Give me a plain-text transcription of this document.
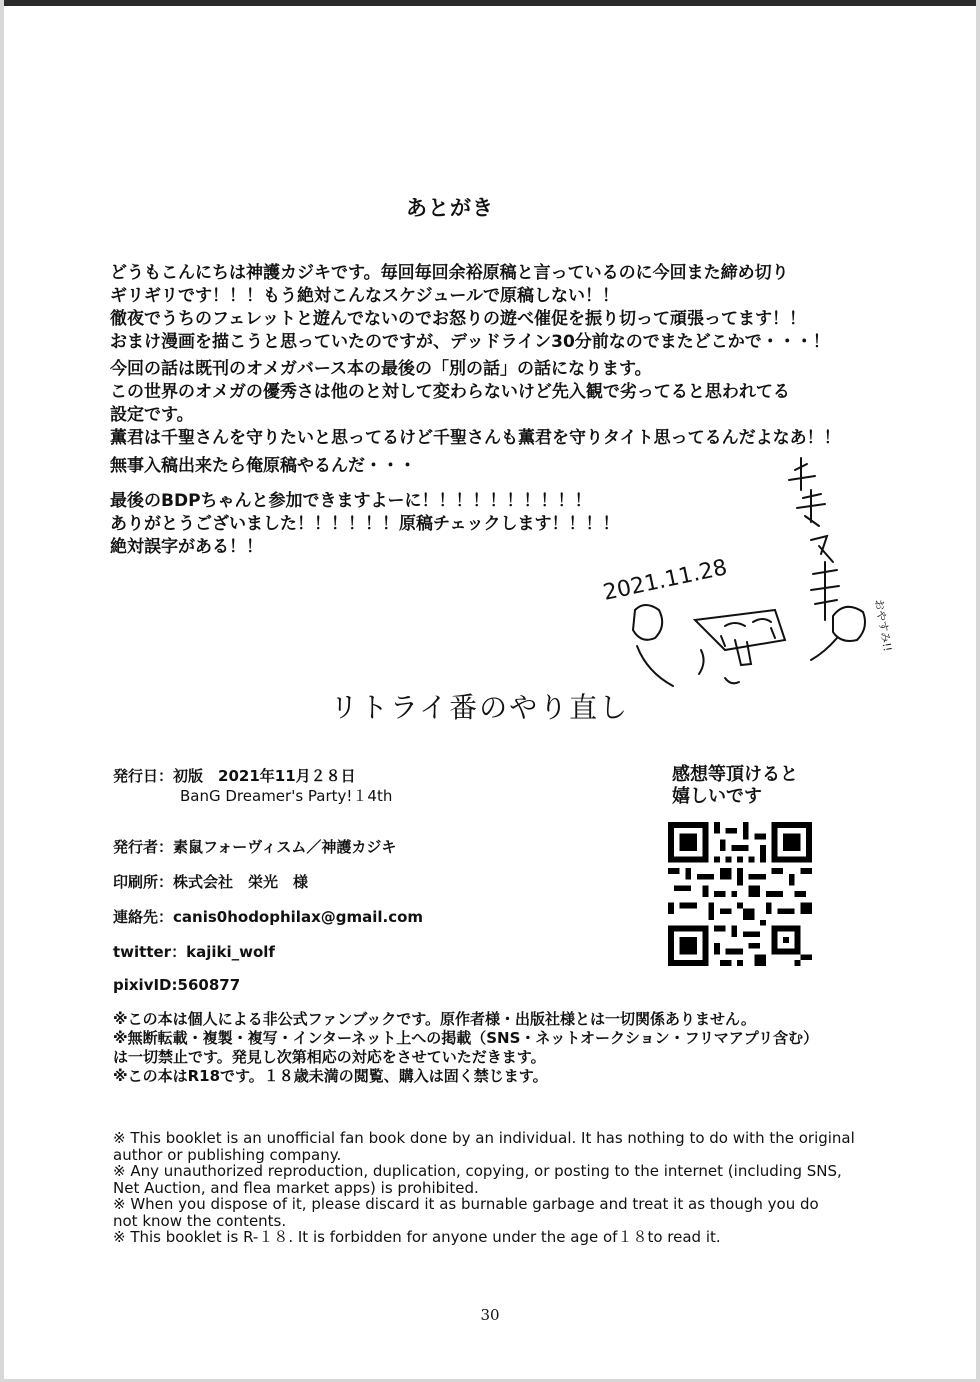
あとがき
どうもこんにちは神護カジキです。毎回毎回余裕原稿と言っているのに今回また締め切り
ギリギリです！！！もう絶対こんなスケジュールで原稿しない！！
徹夜でうちのフェレットと遊んでないのでお怒りの遊べ催促を振り切って頑張ってます！！
おまけ漫画を描こうと思っていたのですが、デッドライン30分前なのでまたどこかで・・・！
今回の話は既刊のオメガバース本の最後の「別の話」の話になります。
この世界のオメガの優秀さは他のと対して変わらないけど先入観で劣ってると思われてる
設定です。
薫君は千聖さんを守りたいと思ってるけど千聖さんも薫君を守りタイト思ってるんだよなあ！！
無事入稿出来たら俺原稿やるんだ・・・
最後のBDPちゃんと参加できますよーに！！！！！！！！！！
ありがとうございました！！！！！！原稿チェックします！！！！
絶対誤字がある！！
2021.11.28
おやすみ!!
リトライ番のやり直し
発行日：初版　2021年11月２８日
BanG Dreamer's Party!１4th
発行者：素鼠フォーヴィスム／神護カジキ
印刷所：株式会社　栄光　様
連絡先：canis0hodophilax@gmail.com
twitter：kajiki_wolf
pixivID:560877
感想等頂けると
嬉しいです
※この本は個人による非公式ファンブックです。原作者様・出版社様とは一切関係ありません。
※無断転載・複製・複写・インターネット上への掲載（SNS・ネットオークション・フリマアプリ含む）
は一切禁止です。発見し次第相応の対応をさせていただきます。
※この本はR18です。１８歳未満の閲覧、購入は固く禁じます。
※ This booklet is an unofficial fan book done by an individual. It has nothing to do with the original
author or publishing company.
※ Any unauthorized reproduction, duplication, copying, or posting to the internet (including SNS,
Net Auction, and flea market apps) is prohibited.
※ When you dispose of it, please discard it as burnable garbage and treat it as though you do
not know the contents.
※ This booklet is R-１８. It is forbidden for anyone under the age of１８to read it.
30
